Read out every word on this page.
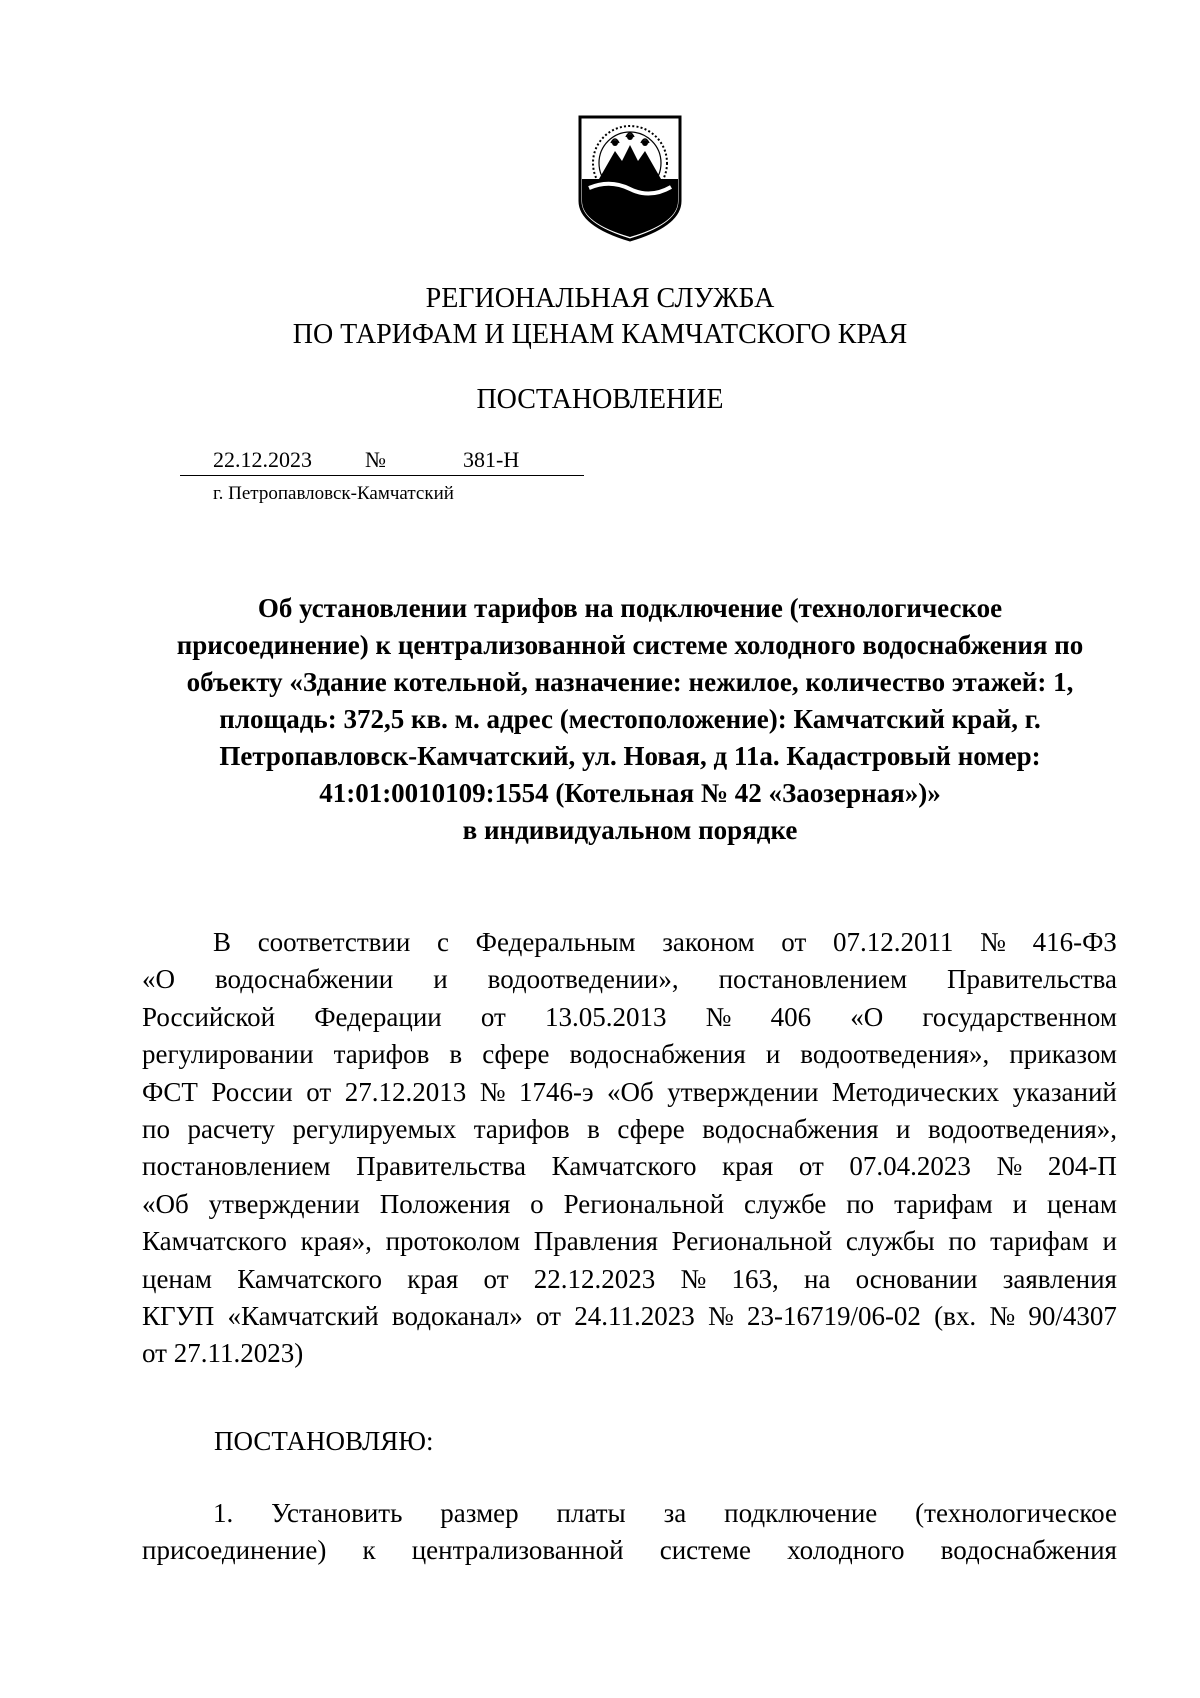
РЕГИОНАЛЬНАЯ СЛУЖБА
ПО ТАРИФАМ И ЦЕНАМ КАМЧАТСКОГО КРАЯ
ПОСТАНОВЛЕНИЕ
22.12.2023 №	381-Н
г. Петропавловск-Камчатский
Об установлении тарифов на подключение (технологическое
присоединение) к централизованной системе холодного водоснабжения по
объекту «Здание котельной, назначение: нежилое, количество этажей: 1,
площадь: 372,5 кв. м. адрес (местоположение): Камчатский край, г.
Петропавловск-Камчатский, ул. Новая, д 11а. Кадастровый номер:
41:01:0010109:1554 (Котельная № 42 «Заозерная»)»
в индивидуальном порядке
В соответствии с Федеральным законом от 07.12.2011 № 416-ФЗ
«О водоснабжении и водоотведении», постановлением Правительства
Российской Федерации от 13.05.2013 № 406 «О государственном
регулировании тарифов в сфере водоснабжения и водоотведения», приказом
ФСТ России от 27.12.2013 № 1746-э «Об утверждении Методических указаний
по расчету регулируемых тарифов в сфере водоснабжения и водоотведения»,
постановлением Правительства Камчатского края от 07.04.2023 № 204-П
«Об утверждении Положения о Региональной службе по тарифам и ценам
Камчатского края», протоколом Правления Региональной службы по тарифам и
ценам Камчатского края от 22.12.2023 № 163, на основании заявления
КГУП «Камчатский водоканал» от 24.11.2023 № 23-16719/06-02 (вх. № 90/4307
от 27.11.2023)
ПОСТАНОВЛЯЮ:
1. Установить размер платы за подключение (технологическое
присоединение) к централизованной системе холодного водоснабжения
